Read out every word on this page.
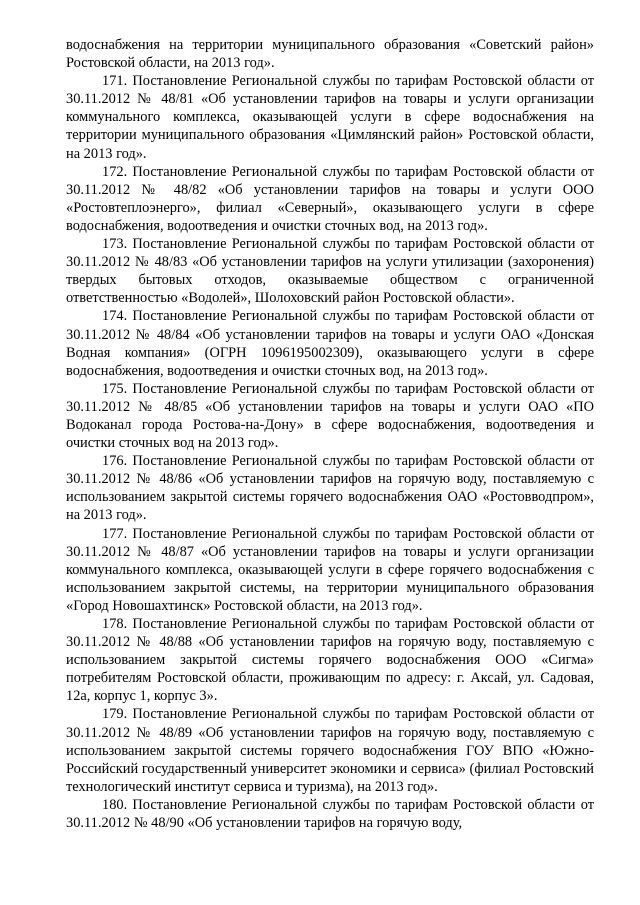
водоснабжения на территории муниципального образования «Советский район» Ростовской области, на 2013 год».

171. Постановление Региональной службы по тарифам Ростовской области от 30.11.2012 № 48/81 «Об установлении тарифов на товары и услуги организации коммунального комплекса, оказывающей услуги в сфере водоснабжения на территории муниципального образования «Цимлянский район» Ростовской области, на 2013 год».

172. Постановление Региональной службы по тарифам Ростовской области от 30.11.2012 № 48/82 «Об установлении тарифов на товары и услуги ООО «Ростовтеплоэнерго», филиал «Северный», оказывающего услуги в сфере водоснабжения, водоотведения и очистки сточных вод, на 2013 год».

173. Постановление Региональной службы по тарифам Ростовской области от 30.11.2012 № 48/83 «Об установлении тарифов на услуги утилизации (захоронения) твердых бытовых отходов, оказываемые обществом с ограниченной ответственностью «Водолей», Шолоховский район Ростовской области».

174. Постановление Региональной службы по тарифам Ростовской области от 30.11.2012 № 48/84 «Об установлении тарифов на товары и услуги ОАО «Донская Водная компания» (ОГРН 1096195002309), оказывающего услуги в сфере водоснабжения, водоотведения и очистки сточных вод, на 2013 год».

175. Постановление Региональной службы по тарифам Ростовской области от 30.11.2012 № 48/85 «Об установлении тарифов на товары и услуги ОАО «ПО Водоканал города Ростова-на-Дону» в сфере водоснабжения, водоотведения и очистки сточных вод на 2013 год».

176. Постановление Региональной службы по тарифам Ростовской области от 30.11.2012 № 48/86 «Об установлении тарифов на горячую воду, поставляемую с использованием закрытой системы горячего водоснабжения ОАО «Ростовводпром», на 2013 год».

177. Постановление Региональной службы по тарифам Ростовской области от 30.11.2012 № 48/87 «Об установлении тарифов на товары и услуги организации коммунального комплекса, оказывающей услуги в сфере горячего водоснабжения с использованием закрытой системы, на территории муниципального образования «Город Новошахтинск» Ростовской области, на 2013 год».

178. Постановление Региональной службы по тарифам Ростовской области от 30.11.2012 № 48/88 «Об установлении тарифов на горячую воду, поставляемую с использованием закрытой системы горячего водоснабжения ООО «Сигма» потребителям Ростовской области, проживающим по адресу: г. Аксай, ул. Садовая, 12а, корпус 1, корпус 3».

179. Постановление Региональной службы по тарифам Ростовской области от 30.11.2012 № 48/89 «Об установлении тарифов на горячую воду, поставляемую с использованием закрытой системы горячего водоснабжения ГОУ ВПО «Южно-Российский государственный университет экономики и сервиса» (филиал Ростовский технологический институт сервиса и туризма), на 2013 год».

180. Постановление Региональной службы по тарифам Ростовской области от 30.11.2012 № 48/90 «Об установлении тарифов на горячую воду,
